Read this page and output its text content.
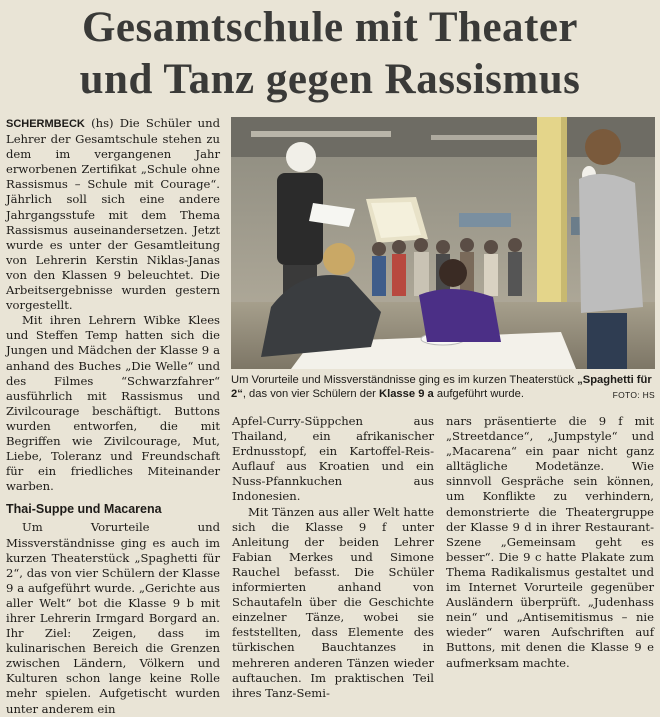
Gesamtschule mit Theater
und Tanz gegen Rassismus

SCHERMBECK (hs) Die Schüler und Lehrer der Gesamtschule stehen zu dem im vergangenen Jahr erworbenen Zertifikat „Schule ohne Rassismus – Schule mit Courage“. Jährlich soll sich eine andere Jahrgangsstufe mit dem Thema Rassismus auseinandersetzen. Jetzt wurde es unter der Gesamtleitung von Lehrerin Kerstin Niklas-Janas von den Klassen 9 beleuchtet. Die Arbeitsergebnisse wurden gestern vorgestellt.

Mit ihren Lehrern Wibke Klees und Steffen Temp hatten sich die Jungen und Mädchen der Klasse 9 a anhand des Buches „Die Welle“ und des Filmes “Schwarzfahrer“ ausführlich mit Rassismus und Zivilcourage beschäftigt. Buttons wurden entworfen, die mit Begriffen wie Zivilcourage, Mut, Liebe, Toleranz und Freundschaft für ein friedliches Miteinander warben.

Thai-Suppe und Macarena

Um Vorurteile und Missverständnisse ging es auch im kurzen Theaterstück „Spaghetti für 2“, das von vier Schülern der Klasse 9 a aufgeführt wurde. „Gerichte aus aller Welt“ bot die Klasse 9 b mit ihrer Lehrerin Irmgard Borgard an. Ihr Ziel: Zeigen, dass im kulinarischen Bereich die Grenzen zwischen Ländern, Völkern und Kulturen schon lange keine Rolle mehr spielen. Aufgetischt wurden unter anderem ein

Um Vorurteile und Missverständnisse ging es im kurzen Theaterstück „Spaghetti für 2“, das von vier Schülern der Klasse 9 a aufgeführt wurde.	FOTO: HS

Apfel-Curry-Süppchen aus Thailand, ein afrikanischer Erdnusstopf, ein Kartoffel-Reis-Auflauf aus Kroatien und ein Nuss-Pfannkuchen aus Indonesien.

Mit Tänzen aus aller Welt hatte sich die Klasse 9 f unter Anleitung der beiden Lehrer Fabian Merkes und Simone Rauchel befasst. Die Schüler informierten anhand von Schautafeln über die Geschichte einzelner Tänze, wobei sie feststellten, dass Elemente des türkischen Bauchtanzes in mehreren anderen Tänzen wieder auftauchen. Im praktischen Teil ihres Tanz-Semi-

nars präsentierte die 9 f mit „Streetdance“, „Jumpstyle“ und „Macarena“ ein paar nicht ganz alltägliche Modetänze. Wie sinnvoll Gespräche sein können, um Konflikte zu verhindern, demonstrierte die Theatergruppe der Klasse 9 d in ihrer Restaurant-Szene „Gemeinsam geht es besser“. Die 9 c hatte Plakate zum Thema Radikalismus gestaltet und im Internet Vorurteile gegenüber Ausländern überprüft. „Judenhass nein“ und „Antisemitismus – nie wieder“ waren Aufschriften auf Buttons, mit denen die Klasse 9 e aufmerksam machte.
